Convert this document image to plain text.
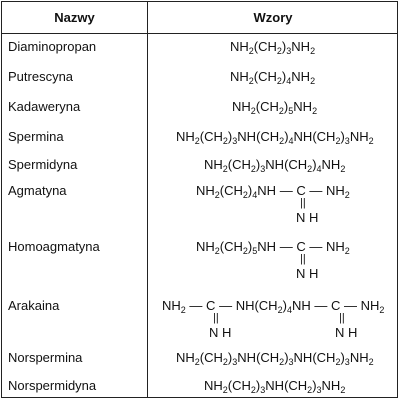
Nazwy	Wzory
Diaminopropan
Putrescyna
Kadaweryna
Spermina
Spermidyna
Agmatyna
Homoagmatyna
Arakaina
Norspermina
Norspermidyna
$NH_2(CH_2)_3NH_2$
$NH_2(CH_2)_4NH_2$
$NH_2(CH_2)_5NH_2$
$NH_2(CH_2)_3NH(CH_2)_4NH(CH_2)_3NH_2$
$NH_2(CH_2)_3NH(CH_2)_4NH_2$
$NH_2(CH_2)_4NH$ — C — $NH_2$
||
N H
$NH_2(CH_2)_5NH$ — C — $NH_2$
||
N H
$NH_2$ — C — $NH(CH_2)_4NH$ — C — $NH_2$
||
N H
||
N H
$NH_2(CH_2)_3NH(CH_2)_3NH(CH_2)_3NH_2$
$NH_2(CH_2)_3NH(CH_2)_3NH_2$
